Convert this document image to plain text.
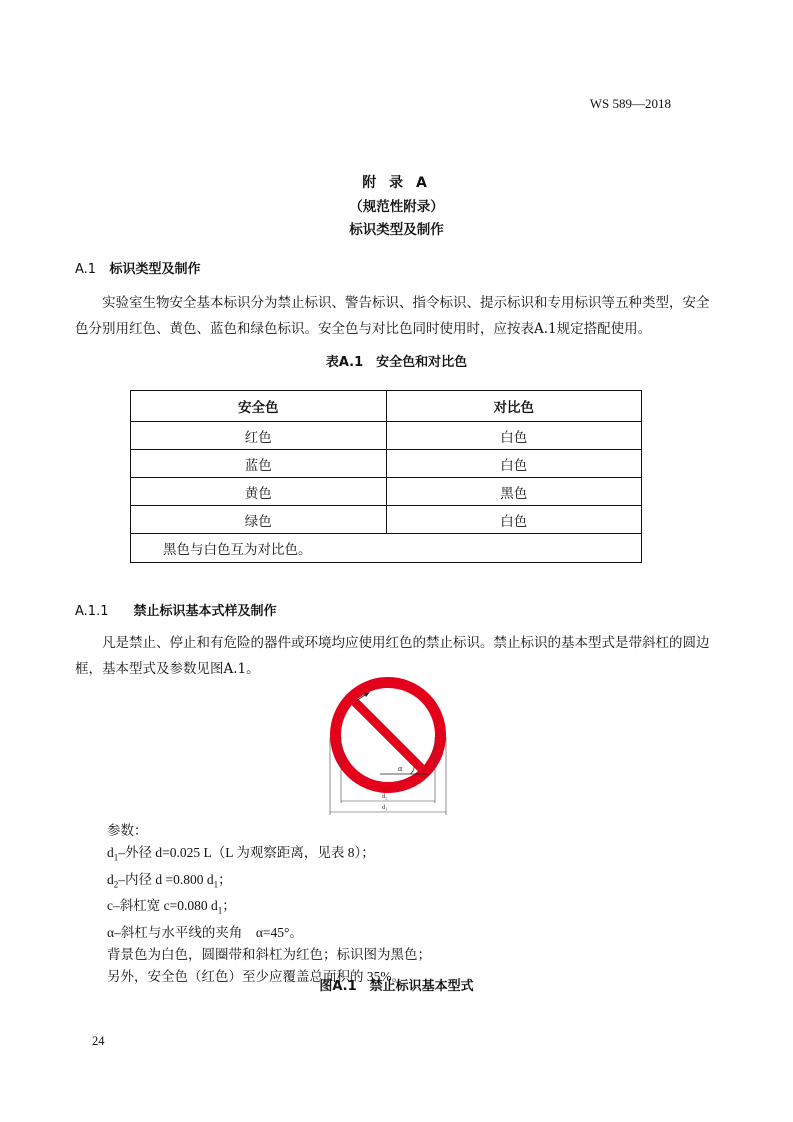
WS 589—2018
附 录 A
（规范性附录）
标识类型及制作
A.1 标识类型及制作

实验室生物安全基本标识分为禁止标识、警告标识、指令标识、提示标识和专用标识等五种类型，安全色分别用红色、黄色、蓝色和绿色标识。安全色与对比色同时使用时，应按表A.1规定搭配使用。

表A.1　安全色和对比色
安全色	对比色
红色	白色
蓝色	白色
黄色	黑色
绿色	白色
黑色与白色互为对比色。	
A.1.1 禁止标识基本式样及制作

凡是禁止、停止和有危险的器件或环境均应使用红色的禁止标识。禁止标识的基本型式是带斜杠的圆边框，基本型式及参数见图A.1。

α
d₂
d₁
参数：
$d_1-$外径 d=0.025 L（L 为观察距离，见表 8）；
$d_2-$内径 d =0.800 $d_1$；
c–斜杠宽 c=0.080 $d_1$；
α–斜杠与水平线的夹角　α=45°。
背景色为白色，圆圈带和斜杠为红色；标识图为黑色；
另外，安全色（红色）至少应覆盖总面积的 35%。
图A.1　禁止标识基本型式
24
